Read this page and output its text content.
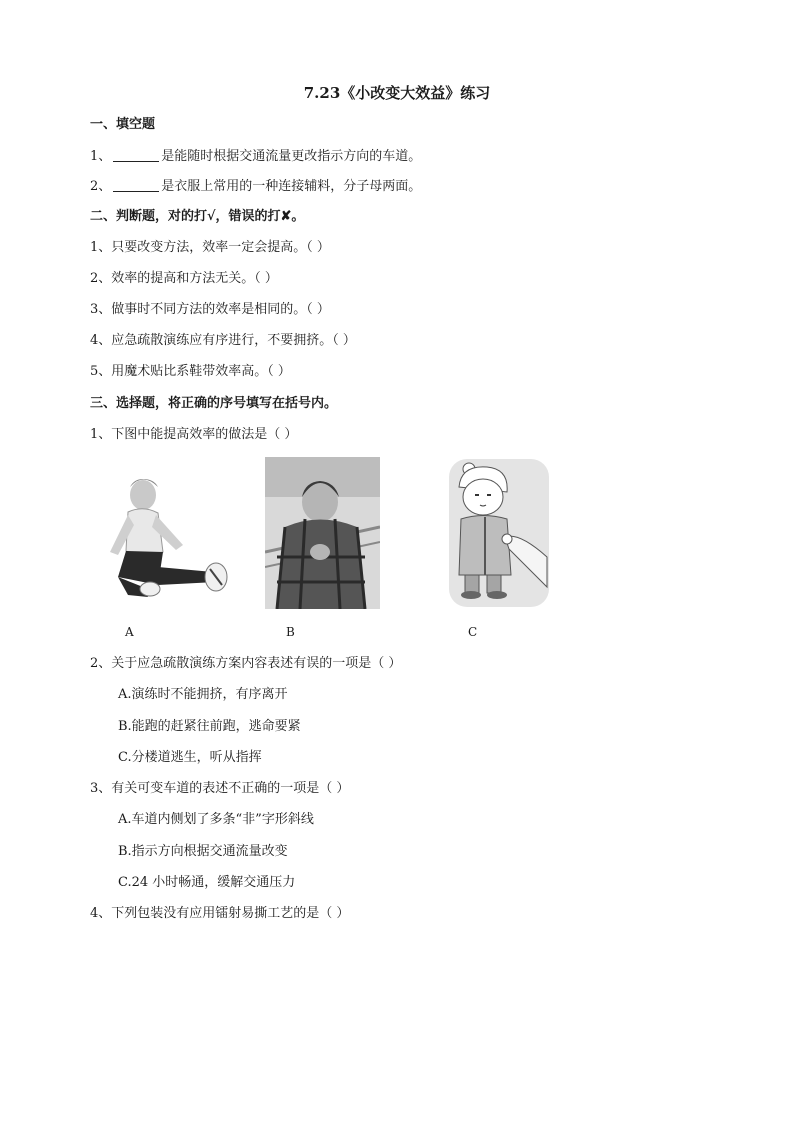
7.23《小改变大效益》练习
一、填空题
1、	是能随时根据交通流量更改指示方向的车道。
2、	是衣服上常用的一种连接辅料，分子母两面。
二、判断题，对的打√，错误的打✘。
1、只要改变方法，效率一定会提高。（ ）
2、效率的提高和方法无关。（ ）
3、做事时不同方法的效率是相同的。（ ）
4、应急疏散演练应有序进行，不要拥挤。（ ）
5、用魔术贴比系鞋带效率高。（ ）
三、选择题，将正确的序号填写在括号内。
1、下图中能提高效率的做法是（ ）
A	B	C
2、关于应急疏散演练方案内容表述有误的一项是（ ）
A.演练时不能拥挤，有序离开
B.能跑的赶紧往前跑，逃命要紧
C.分楼道逃生，听从指挥
3、有关可变车道的表述不正确的一项是（ ）
A.车道内侧划了多条“非”字形斜线
B.指示方向根据交通流量改变
C.24 小时畅通，缓解交通压力
4、下列包装没有应用镭射易撕工艺的是（ ）
